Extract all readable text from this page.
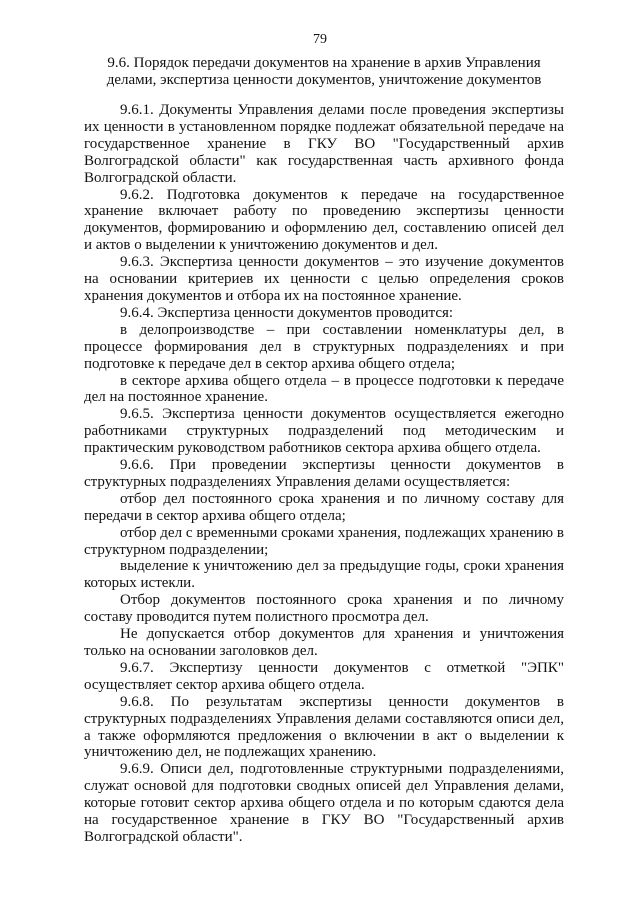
79
9.6. Порядок передачи документов на хранение в архив Управления
делами, экспертиза ценности документов, уничтожение документов

9.6.1. Документы Управления делами после проведения экспертизы их ценности в установленном порядке подлежат обязательной передаче на государственное хранение в ГКУ ВО "Государственный архив Волгоградской области" как государственная часть архивного фонда Волгоградской области.

9.6.2. Подготовка документов к передаче на государственное хранение включает работу по проведению экспертизы ценности документов, формированию и оформлению дел, составлению описей дел и актов о выделении к уничтожению документов и дел.

9.6.3. Экспертиза ценности документов – это изучение документов на основании критериев их ценности с целью определения сроков хранения документов и отбора их на постоянное хранение.

9.6.4. Экспертиза ценности документов проводится:

в делопроизводстве – при составлении номенклатуры дел, в процессе формирования дел в структурных подразделениях и при подготовке к передаче дел в сектор архива общего отдела;

в секторе архива общего отдела – в процессе подготовки к передаче дел на постоянное хранение.

9.6.5. Экспертиза ценности документов осуществляется ежегодно работниками структурных подразделений под методическим и практическим руководством работников сектора архива общего отдела.

9.6.6. При проведении экспертизы ценности документов в структурных подразделениях Управления делами осуществляется:

отбор дел постоянного срока хранения и по личному составу для передачи в сектор архива общего отдела;

отбор дел с временными сроками хранения, подлежащих хранению в структурном подразделении;

выделение к уничтожению дел за предыдущие годы, сроки хранения которых истекли.

Отбор документов постоянного срока хранения и по личному составу проводится путем полистного просмотра дел.

Не допускается отбор документов для хранения и уничтожения только на основании заголовков дел.

9.6.7. Экспертизу ценности документов с отметкой "ЭПК" осуществляет сектор архива общего отдела.

9.6.8. По результатам экспертизы ценности документов в структурных подразделениях Управления делами составляются описи дел, а также оформляются предложения о включении в акт о выделении к уничтожению дел, не подлежащих хранению.

9.6.9. Описи дел, подготовленные структурными подразделениями, служат основой для подготовки сводных описей дел Управления делами, которые готовит сектор архива общего отдела и по которым сдаются дела на государственное хранение в ГКУ ВО "Государственный архив Волгоградской области".
